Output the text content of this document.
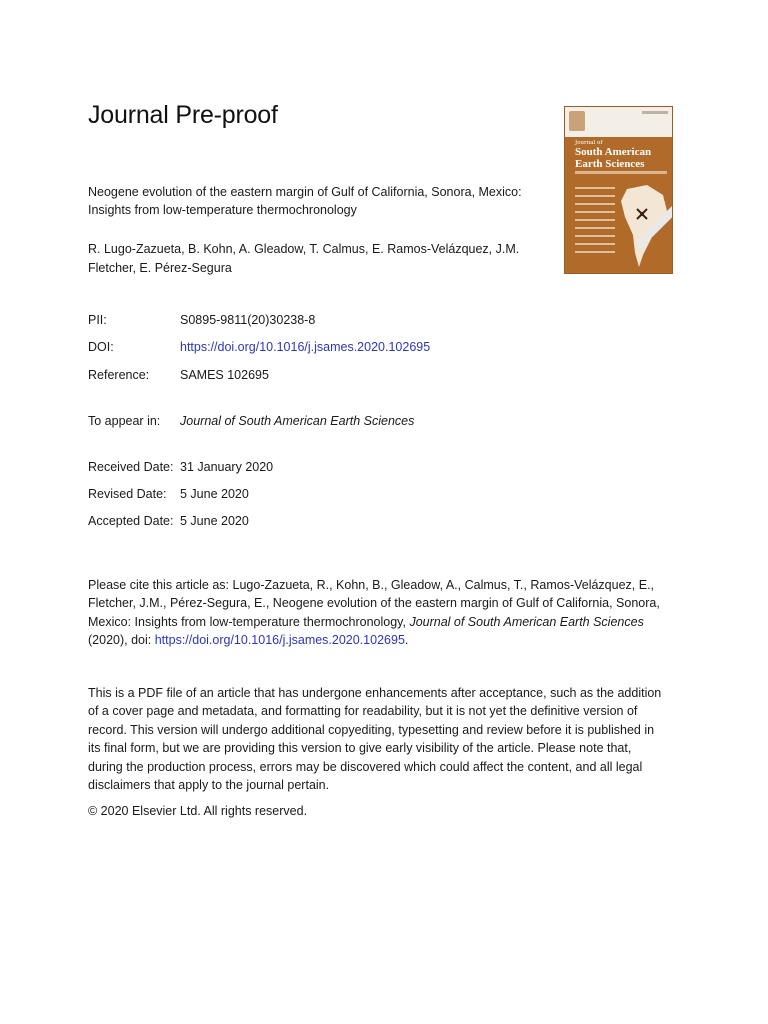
Journal Pre-proof
Journal of
South American Earth Sciences
Neogene evolution of the eastern margin of Gulf of California, Sonora, Mexico: Insights from low-temperature thermochronology
R. Lugo-Zazueta, B. Kohn, A. Gleadow, T. Calmus, E. Ramos-Velázquez, J.M. Fletcher, E. Pérez-Segura
PII:	S0895-9811(20)30238-8
DOI:	https://doi.org/10.1016/j.jsames.2020.102695
Reference: SAMES 102695
To appear in: Journal of South American Earth Sciences
Received Date: 31 January 2020
Revised Date: 5 June 2020
Accepted Date: 5 June 2020
Please cite this article as: Lugo-Zazueta, R., Kohn, B., Gleadow, A., Calmus, T., Ramos-Velázquez, E., Fletcher, J.M., Pérez-Segura, E., Neogene evolution of the eastern margin of Gulf of California, Sonora, Mexico: Insights from low-temperature thermochronology, Journal of South American Earth Sciences (2020), doi: https://doi.org/10.1016/j.jsames.2020.102695.
This is a PDF file of an article that has undergone enhancements after acceptance, such as the addition of a cover page and metadata, and formatting for readability, but it is not yet the definitive version of record. This version will undergo additional copyediting, typesetting and review before it is published in its final form, but we are providing this version to give early visibility of the article. Please note that, during the production process, errors may be discovered which could affect the content, and all legal disclaimers that apply to the journal pertain.
© 2020 Elsevier Ltd. All rights reserved.
